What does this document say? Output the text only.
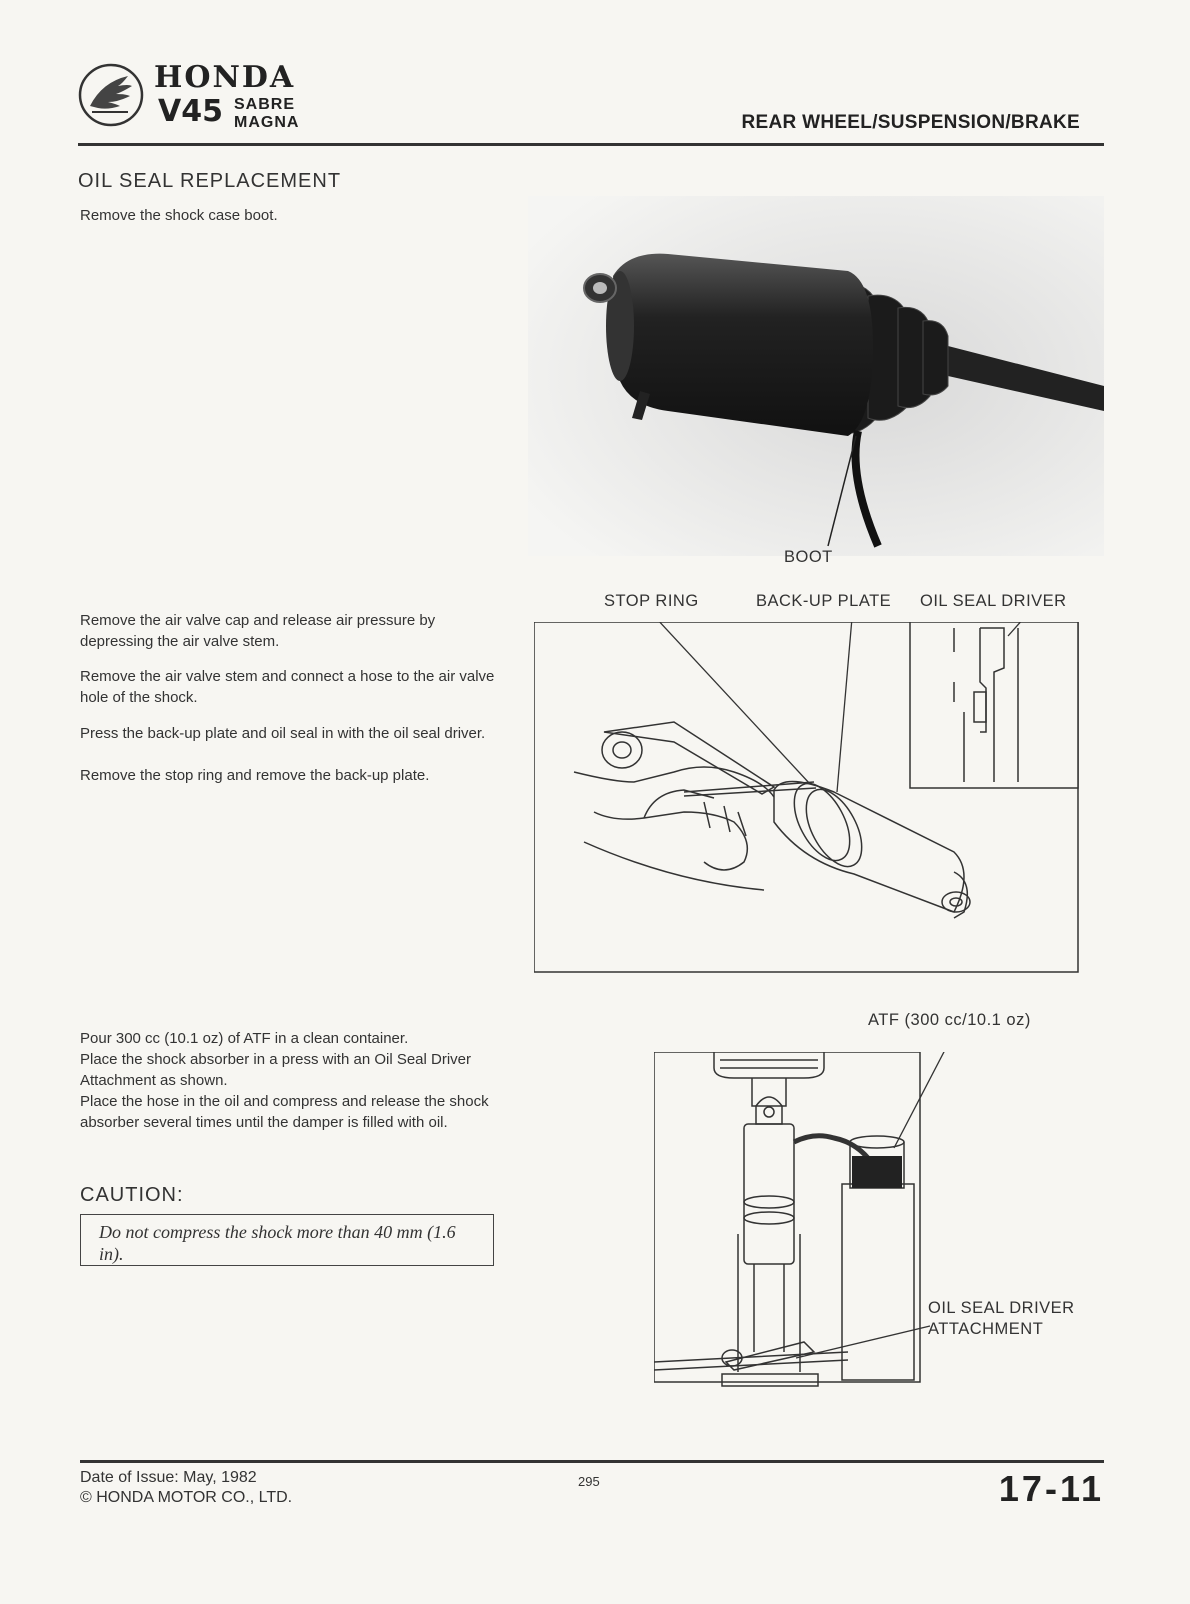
HONDA
V45 SABRE
MAGNA	REAR WHEEL/SUSPENSION/BRAKE
OIL SEAL REPLACEMENT
Remove the shock case boot.
Remove the air valve cap and release air pressure by depressing the air valve stem.
Remove the air valve stem and connect a hose to the air valve hole of the shock.
Press the back-up plate and oil seal in with the oil seal driver.
Remove the stop ring and remove the back-up plate.
Pour 300 cc (10.1 oz) of ATF in a clean container.
Place the shock absorber in a press with an Oil Seal Driver Attachment as shown.
Place the hose in the oil and compress and release the shock absorber several times until the damper is filled with oil.
CAUTION:
Do not compress the shock more than 40 mm (1.6 in).
BOOT
STOP RING	BACK-UP PLATE OIL SEAL DRIVER
ATF (300 cc/10.1 oz)
OIL SEAL DRIVER
ATTACHMENT
Date of Issue: May, 1982
© HONDA MOTOR CO., LTD.
295	17-11
